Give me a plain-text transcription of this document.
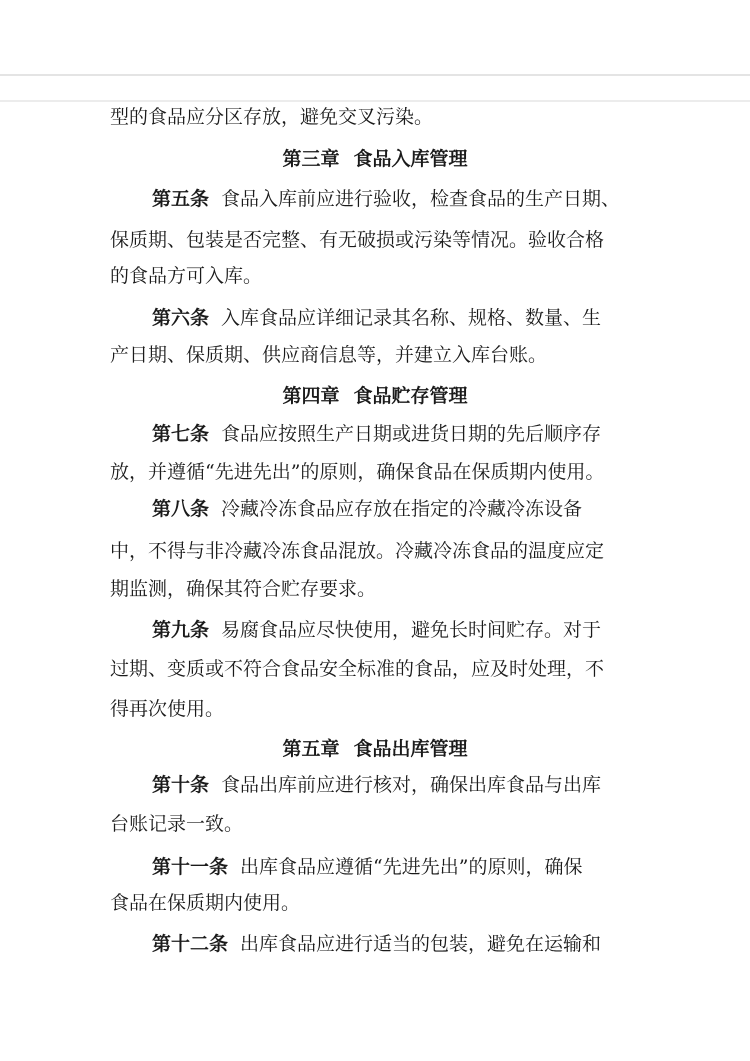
型的食品应分区存放，避免交叉污染。
第三章 食品入库管理
第五条 食品入库前应进行验收，检查食品的生产日期、
保质期、包装是否完整、有无破损或污染等情况。验收合格
的食品方可入库。
第六条 入库食品应详细记录其名称、规格、数量、生
产日期、保质期、供应商信息等，并建立入库台账。
第四章 食品贮存管理
第七条 食品应按照生产日期或进货日期的先后顺序存
放，并遵循“先进先出”的原则，确保食品在保质期内使用。
第八条 冷藏冷冻食品应存放在指定的冷藏冷冻设备
中，不得与非冷藏冷冻食品混放。冷藏冷冻食品的温度应定
期监测，确保其符合贮存要求。
第九条 易腐食品应尽快使用，避免长时间贮存。对于
过期、变质或不符合食品安全标准的食品，应及时处理，不
得再次使用。
第五章 食品出库管理
第十条 食品出库前应进行核对，确保出库食品与出库
台账记录一致。
第十一条 出库食品应遵循“先进先出”的原则，确保
食品在保质期内使用。
第十二条 出库食品应进行适当的包装，避免在运输和
